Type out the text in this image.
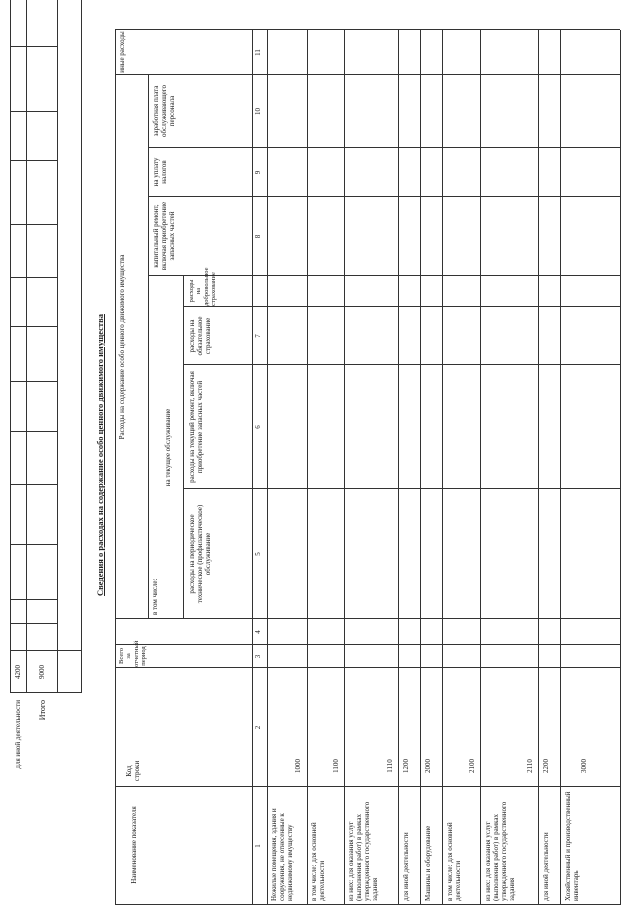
для иной деятельности
4200
Итого
9000
Сведения о расходах на содержание особо ценного движимого имущества
Наименование показателя
Код строки
Всего за отчетный период
Расходы на содержание особо ценного движимого имущества
в том числе:
на текущее обслуживание
расходы на периодическое техническое (профилактическое) обслуживание
расходы на текущий ремонт, включая приобретение запасных частей
расходы на обязательное страхование
расходы на добровольное страхование
капитальный ремонт, включая приобретение запасных частей
на уплату налогов
заработная плата обслуживающего персонала
иные расходы
1
2
3
4
5
6
7
8
9
10
11
Нежилые помещения, здания и сооружения, не отнесенные к недвижимому имуществу
1000
в том числе: для основной деятельности
1100
из них: для оказания услуг (выполнения работ) в рамках утвержденного государственного задания
1110
для иной деятельности
1200
Машины и оборудование
2000
в том числе: для основной деятельности
2100
из них: для оказания услуг (выполнения работ) в рамках утвержденного государственного задания
2110
для иной деятельности
2200
Хозяйственный и производственный инвентарь
3000
